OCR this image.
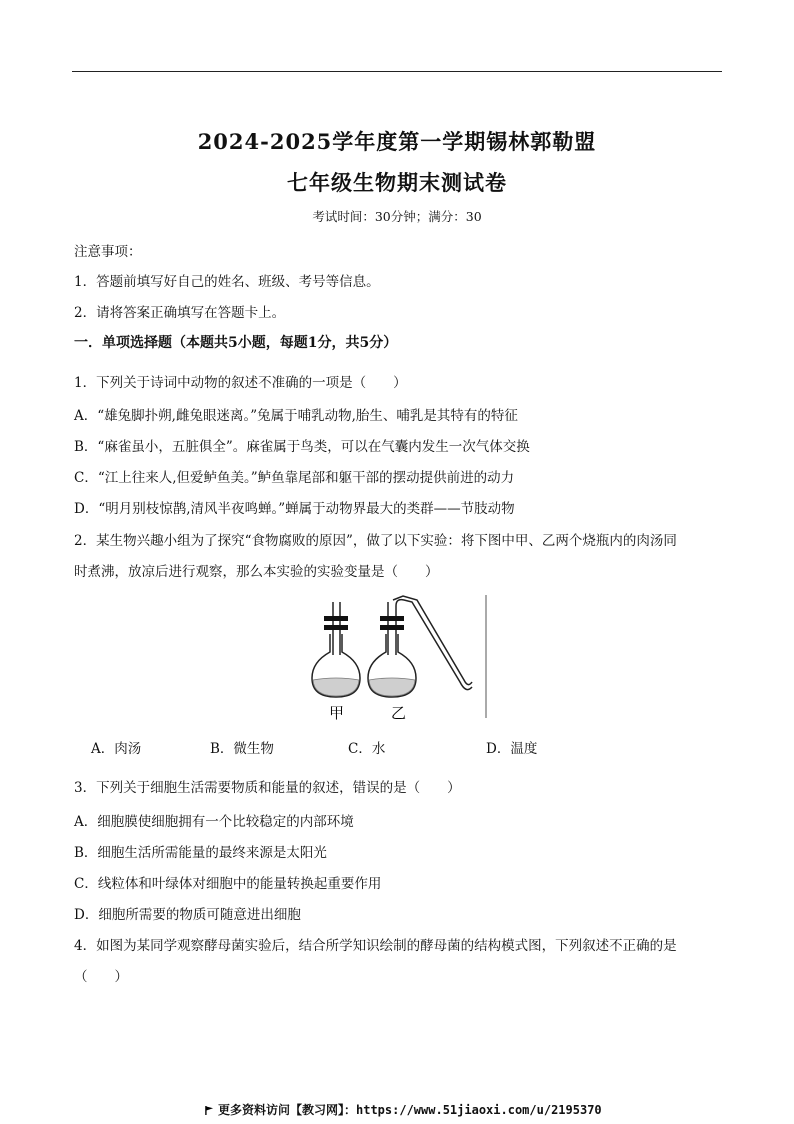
2024-2025学年度第一学期锡林郭勒盟
七年级生物期末测试卷
考试时间：30分钟；满分：30
注意事项：
1．答题前填写好自己的姓名、班级、考号等信息。
2．请将答案正确填写在答题卡上。
一．单项选择题（本题共5小题，每题1分，共5分）
1．下列关于诗词中动物的叙述不准确的一项是（　　）
A．“雄兔脚扑朔,雌兔眼迷离。”兔属于哺乳动物,胎生、哺乳是其特有的特征
B．“麻雀虽小，五脏俱全”。麻雀属于鸟类，可以在气囊内发生一次气体交换
C．“江上往来人,但爱鲈鱼美。”鲈鱼靠尾部和躯干部的摆动提供前进的动力
D．“明月别枝惊鹊,清风半夜鸣蝉。”蝉属于动物界最大的类群——节肢动物
2．某生物兴趣小组为了探究“食物腐败的原因”，做了以下实验：将下图中甲、乙两个烧瓶内的肉汤同
时煮沸，放凉后进行观察，那么本实验的实验变量是（　　）
甲	乙
A．肉汤	B．微生物	C．水	D．温度
3．下列关于细胞生活需要物质和能量的叙述，错误的是（　　）
A．细胞膜使细胞拥有一个比较稳定的内部环境
B．细胞生活所需能量的最终来源是太阳光
C．线粒体和叶绿体对细胞中的能量转换起重要作用
D．细胞所需要的物质可随意进出细胞
4．如图为某同学观察酵母菌实验后，结合所学知识绘制的酵母菌的结构模式图，下列叙述不正确的是
（　　）
更多资料访问【教习网】：https://www.51jiaoxi.com/u/2195370
